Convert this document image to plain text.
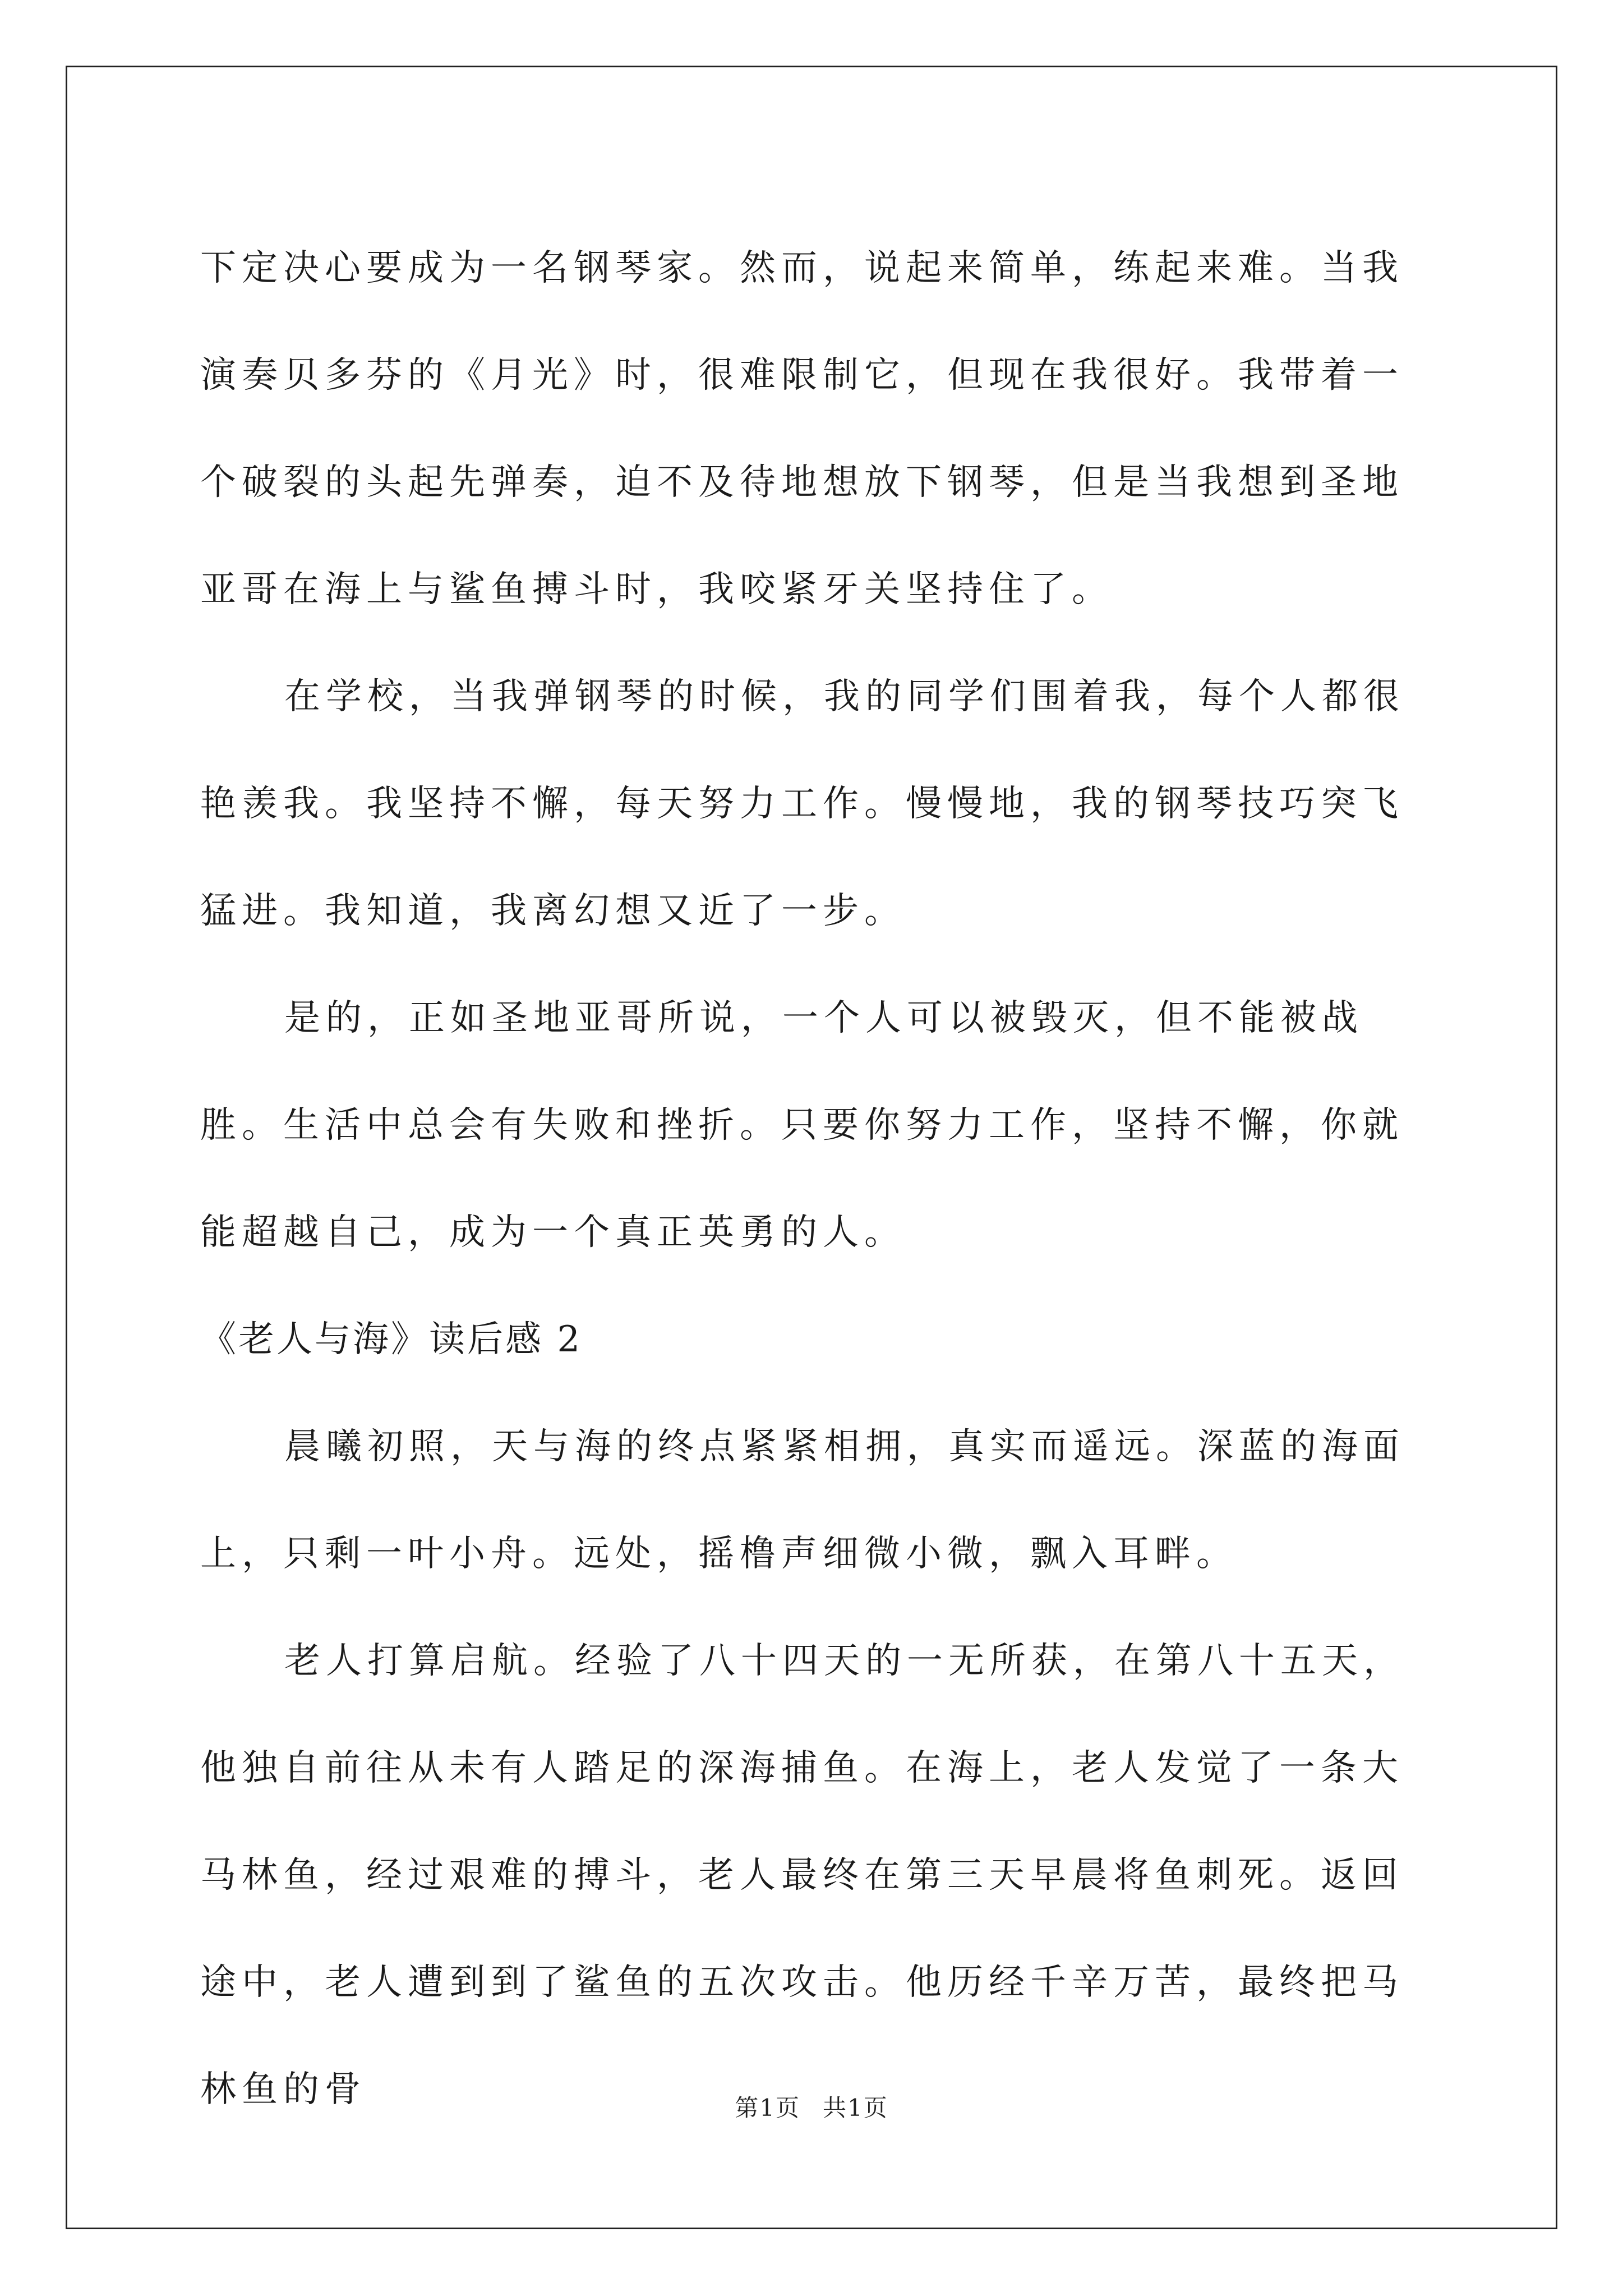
下定决心要成为一名钢琴家。然而，说起来简单，练起来难。当我演奏贝多芬的《月光》时，很难限制它，但现在我很好。我带着一个破裂的头起先弹奏，迫不及待地想放下钢琴，但是当我想到圣地亚哥在海上与鲨鱼搏斗时，我咬紧牙关坚持住了。

在学校，当我弹钢琴的时候，我的同学们围着我，每个人都很艳羡我。我坚持不懈，每天努力工作。慢慢地，我的钢琴技巧突飞猛进。我知道，我离幻想又近了一步。

是的，正如圣地亚哥所说，一个人可以被毁灭，但不能被战胜。生活中总会有失败和挫折。只要你努力工作，坚持不懈，你就能超越自己，成为一个真正英勇的人。

《老人与海》读后感 2

晨曦初照，天与海的终点紧紧相拥，真实而遥远。深蓝的海面上，只剩一叶小舟。远处，摇橹声细微小微，飘入耳畔。

老人打算启航。经验了八十四天的一无所获，在第八十五天，他独自前往从未有人踏足的深海捕鱼。在海上，老人发觉了一条大马林鱼，经过艰难的搏斗，老人最终在第三天早晨将鱼刺死。返回途中，老人遭到到了鲨鱼的五次攻击。他历经千辛万苦，最终把马林鱼的骨	第1页 共1页
